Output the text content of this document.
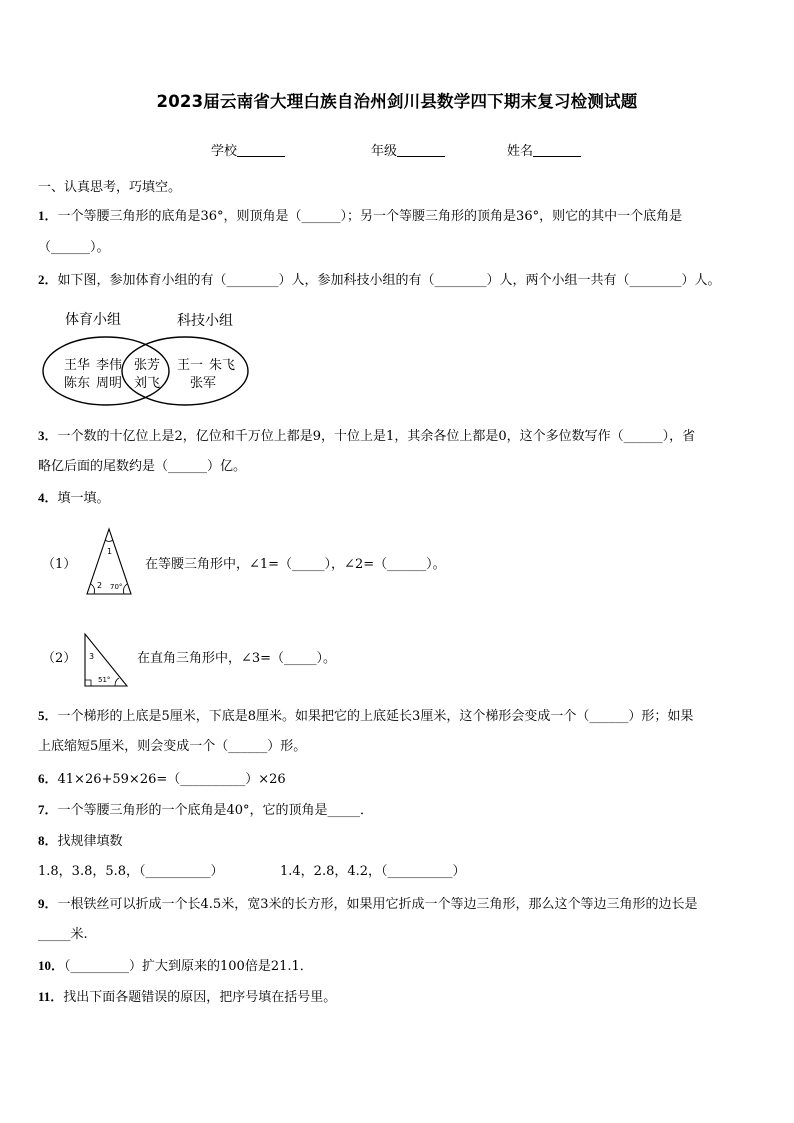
2023届云南省大理白族自治州剑川县数学四下期末复习检测试题
学校	年级	姓名
一、认真思考，巧填空。
1．一个等腰三角形的底角是36°，则顶角是（______）；另一个等腰三角形的顶角是36°，则它的其中一个底角是
（______）。
2．如下图，参加体育小组的有（________）人，参加科技小组的有（________）人，两个小组一共有（________）人。
体育小组	科技小组
王华 李伟
陈东 周明
张芳
刘飞
王一 朱飞
张军
3．一个数的十亿位上是2，亿位和千万位上都是9，十位上是1，其余各位上都是0，这个多位数写作（______），省
略亿后面的尾数约是（______）亿。
4．填一填。
（1）
1
2 70°
在等腰三角形中，∠1=（_____），∠2=（______）。
（2） 3
51°
在直角三角形中，∠3=（_____）。
5．一个梯形的上底是5厘米，下底是8厘米。如果把它的上底延长3厘米，这个梯形会变成一个（______）形；如果
上底缩短5厘米，则会变成一个（______）形。
6．41×26+59×26=（__________）×26
7．一个等腰三角形的一个底角是40°，它的顶角是_____．
8．找规律填数
1.8，3.8，5.8，（__________）	1.4，2.8，4.2，（__________）
9．一根铁丝可以折成一个长4.5米，宽3米的长方形，如果用它折成一个等边三角形，那么这个等边三角形的边长是
_____米.
10．（_________）扩大到原来的100倍是21.1．
11．找出下面各题错误的原因，把序号填在括号里。
